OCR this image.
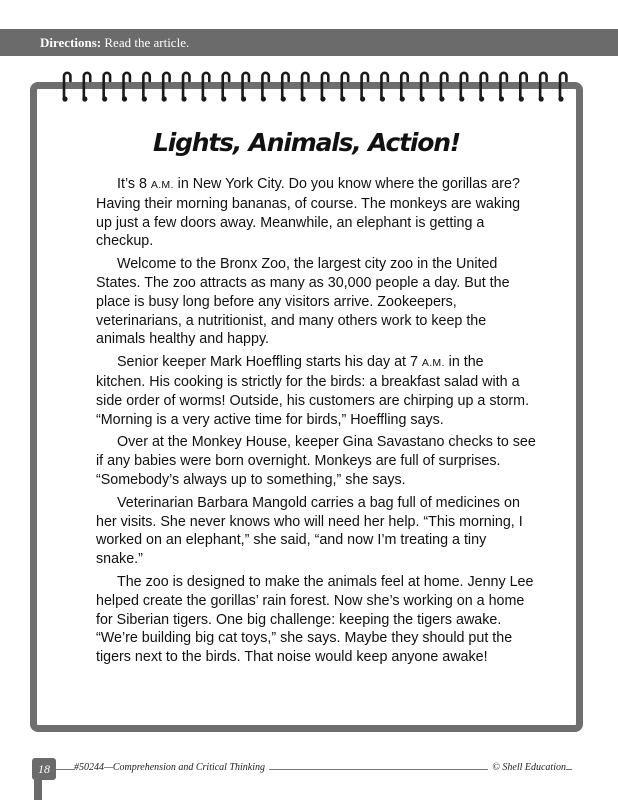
Directions: Read the article.
Lights, Animals, Action!

It’s 8 A.M. in New York City. Do you know where the gorillas are? Having their morning bananas, of course. The monkeys are waking up just a few doors away. Meanwhile, an elephant is getting a checkup.

Welcome to the Bronx Zoo, the largest city zoo in the United States. The zoo attracts as many as 30,000 people a day. But the place is busy long before any visitors arrive. Zookeepers, veterinarians, a nutritionist, and many others work to keep the animals healthy and happy.

Senior keeper Mark Hoeffling starts his day at 7 A.M. in the kitchen. His cooking is strictly for the birds: a breakfast salad with a side order of worms! Outside, his customers are chirping up a storm. “Morning is a very active time for birds,” Hoeffling says.

Over at the Monkey House, keeper Gina Savastano checks to see if any babies were born overnight. Monkeys are full of surprises. “Somebody’s always up to something,” she says.

Veterinarian Barbara Mangold carries a bag full of medicines on her visits. She never knows who will need her help. “This morning, I worked on an elephant,” she said, “and now I’m treating a tiny snake.”

The zoo is designed to make the animals feel at home. Jenny Lee helped create the gorillas’ rain forest. Now she’s working on a home for Siberian tigers. One big challenge: keeping the tigers awake. “We’re building big cat toys,” she says. Maybe they should put the tigers next to the birds. That noise would keep anyone awake!

18	#50244—Comprehension and Critical Thinking	© Shell Education
